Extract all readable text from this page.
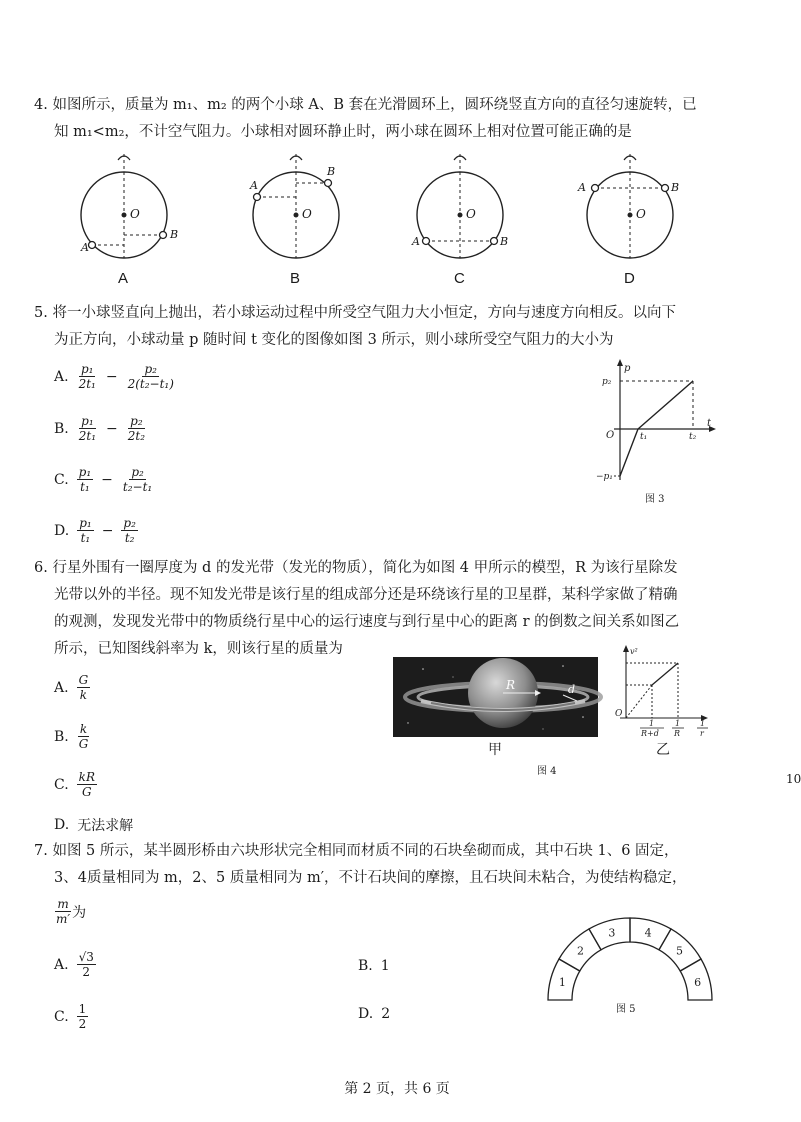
4. 如图所示，质量为 m₁、m₂ 的两个小球 A、B 套在光滑圆环上，圆环绕竖直方向的直径匀速旋转，已
知 m₁<m₂，不计空气阻力。小球相对圆环静止时，两小球在圆环上相对位置可能正确的是
O
A
B
A
O
A
B
B
O
A	B
C
O
A	B
D
5. 将一小球竖直向上抛出，若小球运动过程中所受空气阻力大小恒定，方向与速度方向相反。以向下
为正方向，小球动量 p 随时间 t 变化的图像如图 3 所示，则小球所受空气阻力的大小为
A. $\frac{\text{p₁}}{\text{2t₁}} - \frac{\text{p₂}}{\text{2(t₂−t₁)}}$
B. $\frac{\text{p₁}}{\text{2t₁}} - \frac{\text{p₂}}{\text{2t₂}}$
C. $\frac{\text{p₁}}{\text{t₁}} - \frac{\text{p₂}}{\text{t₂−t₁}}$
D. $\frac{\text{p₁}}{\text{t₁}} - \frac{\text{p₂}}{\text{t₂}}$
p
t
O
p₂
−p₁
t₁	t₂
图 3
6. 行星外围有一圈厚度为 d 的发光带（发光的物质），简化为如图 4 甲所示的模型，R 为该行星除发
光带以外的半径。现不知发光带是该行星的组成部分还是环绕该行星的卫星群，某科学家做了精确
的观测，发现发光带中的物质绕行星中心的运行速度与到行星中心的距离 r 的倒数之间关系如图乙
所示，已知图线斜率为 k，则该行星的质量为
A. $\frac{G}{k}$
B. $\frac{k}{G}$
C. $\frac{kR}{G}$
D. 无法求解
R	d
甲
v²
O
1
R+d
1
R
1
r
乙
图 4
7. 如图 5 所示，某半圆形桥由六块形状完全相同而材质不同的石块垒砌而成，其中石块 1、6 固定，
3、4质量相同为 m，2、5 质量相同为 m′，不计石块间的摩擦，且石块间未粘合，为使结构稳定，
$\frac{m}{m'}$ 为
A. $\frac{√3}{2}$	B. 1
C. $\frac{1}{2}$	D. 2
1
2
3	4
5
6
图 5
第 2 页，共 6 页
10
